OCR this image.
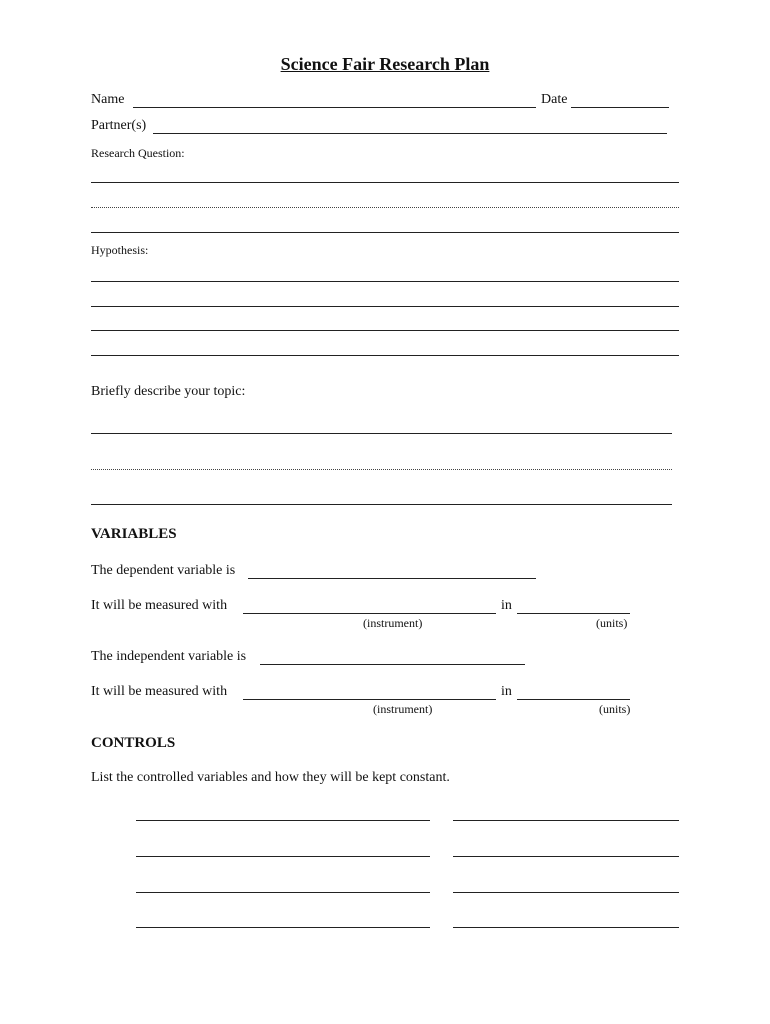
Science Fair Research Plan
Name	Date
Partner(s)
Research Question:
Hypothesis:
Briefly describe your topic:
VARIABLES
The dependent variable is
It will be measured with	in
(instrument)	(units)
The independent variable is
It will be measured with	in
(instrument)	(units)
CONTROLS
List the controlled variables and how they will be kept constant.
